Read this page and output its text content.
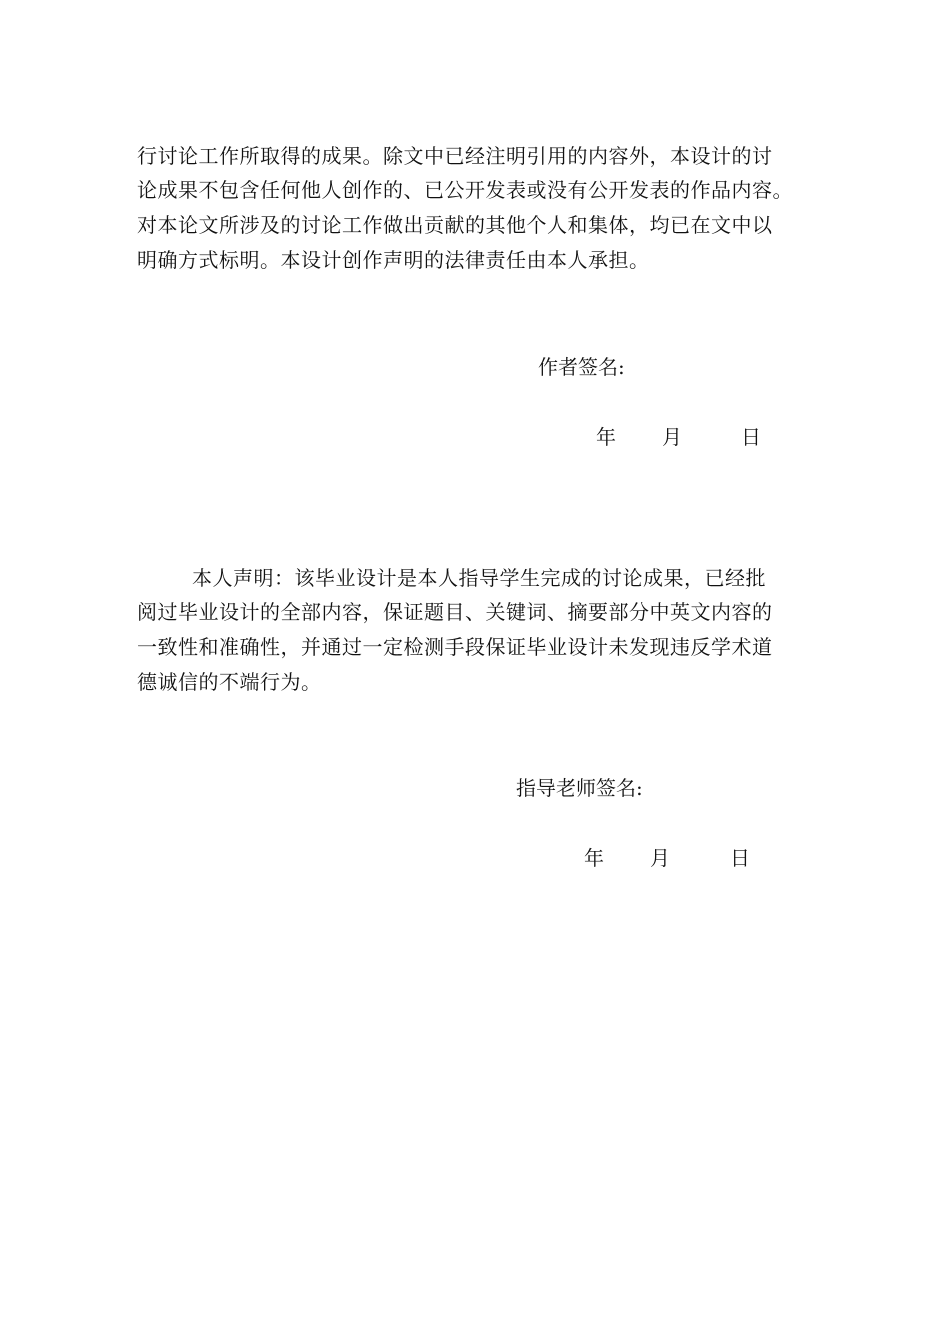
行讨论工作所取得的成果。除文中已经注明引用的内容外，本设计的讨
论成果不包含任何他人创作的、已公开发表或没有公开发表的作品内容。
对本论文所涉及的讨论工作做出贡献的其他个人和集体，均已在文中以
明确方式标明。本设计创作声明的法律责任由本人承担。
作者签名:
年 月	日
本人声明：该毕业设计是本人指导学生完成的讨论成果，已经批
阅过毕业设计的全部内容，保证题目、关键词、摘要部分中英文内容的
一致性和准确性，并通过一定检测手段保证毕业设计未发现违反学术道
德诚信的不端行为。
指导老师签名:
年 月	日
